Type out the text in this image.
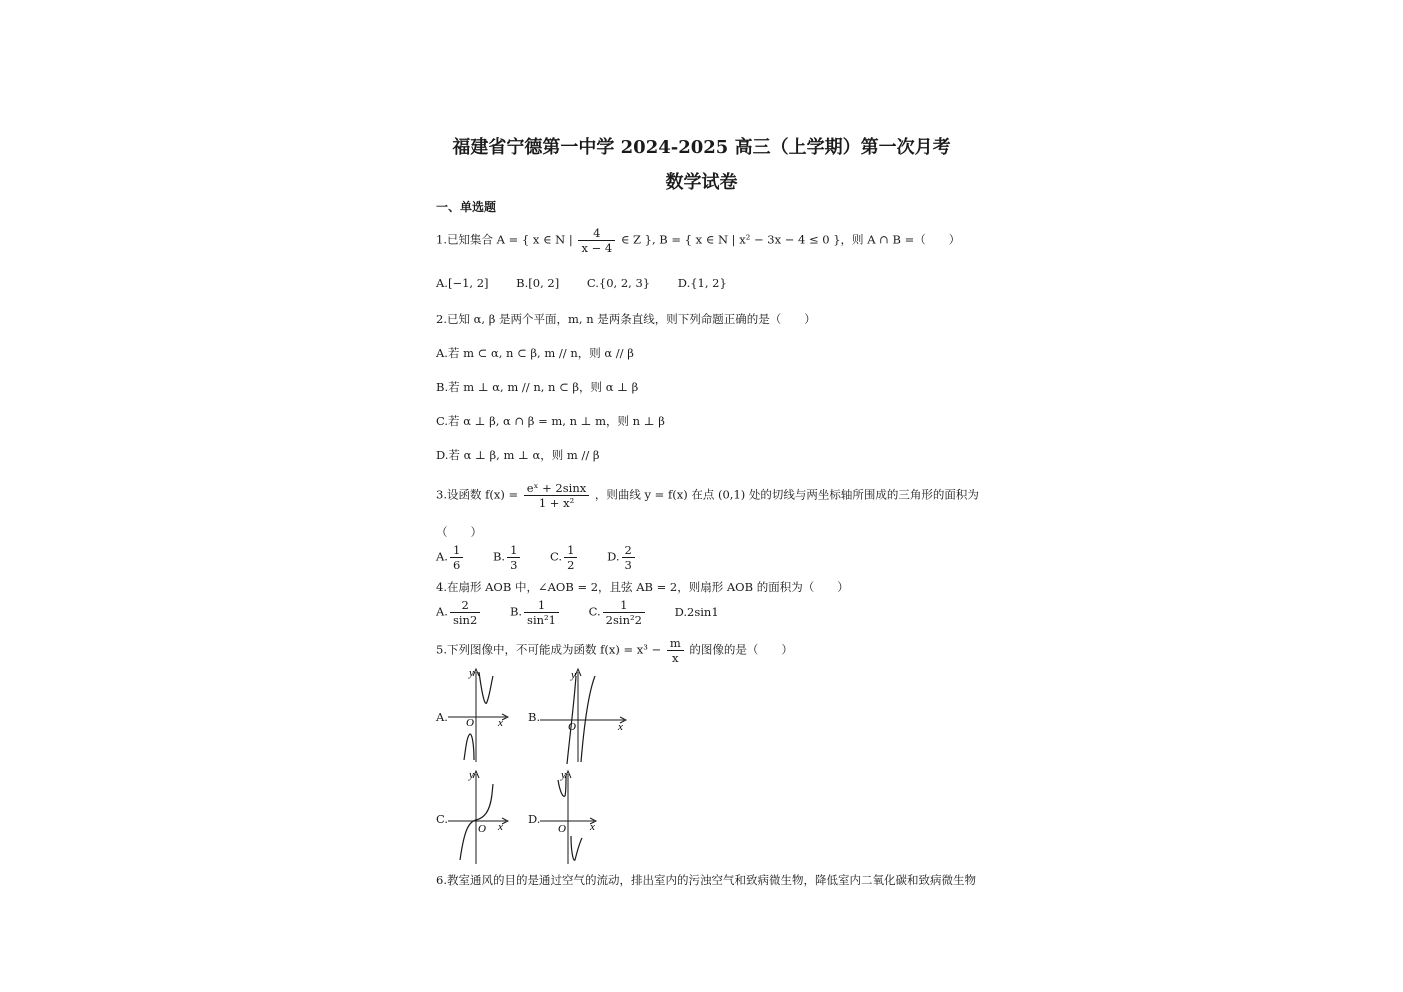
福建省宁德第一中学 2024-2025 高三（上学期）第一次月考
数学试卷
一、单选题
1.已知集合 A = { x ∈ N | $\frac{4}{x - 4}$ ∈ Z }, B = { x ∈ N | x² − 3x − 4 ≤ 0 }，则 A ∩ B =（　　）
A.[−1, 2] B.[0, 2] C.{0, 2, 3} D.{1, 2}
2.已知 α, β 是两个平面，m, n 是两条直线，则下列命题正确的是（　　）
A.若 m ⊂ α, n ⊂ β, m // n，则 α // β
B.若 m ⊥ α, m // n, n ⊂ β，则 α ⊥ β
C.若 α ⊥ β, α ∩ β = m, n ⊥ m，则 n ⊥ β
D.若 α ⊥ β, m ⊥ α，则 m // β
3.设函数 $f(x) = \frac{\text{eˣ + 2sinx}}{\text{1 + x²}}$ ，则曲线 y = f(x) 在点 (0,1) 处的切线与两坐标轴所围成的三角形的面积为
（　　）
A. $\frac{1}{6}$	B. $\frac{1}{3}$	C. $\frac{1}{2}$	D. $\frac{2}{3}$
4.在扇形 AOB 中，∠AOB = 2，且弦 AB = 2，则扇形 AOB 的面积为（　　）
A. $\frac{2}{\sin 2}$	B. $\frac{1}{\text{sin²1}}$	C. $\frac{1}{\text{2sin²2}}$	D.2sin1
5.下列图像中，不可能成为函数 $f(x) = x^3 - \frac{m}{x}$ 的图像的是（　　）
A. O x
y
B.
O	x
y
C.
O x
y
D.
O x
y
6.教室通风的目的是通过空气的流动，排出室内的污浊空气和致病微生物，降低室内二氧化碳和致病微生物
